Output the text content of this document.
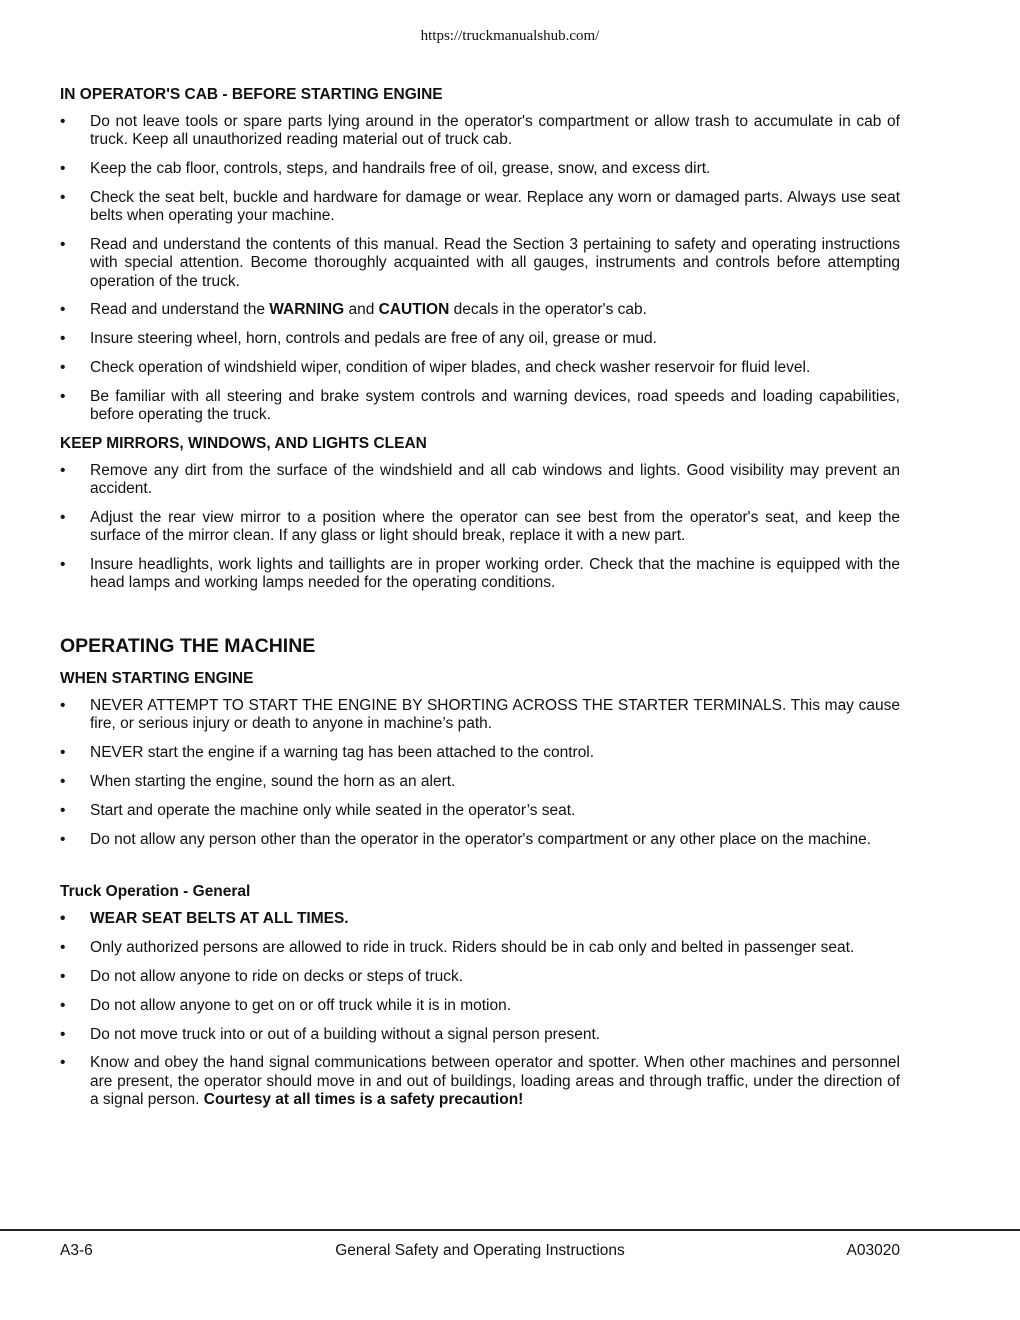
https://truckmanualshub.com/
IN OPERATOR'S CAB - BEFORE STARTING ENGINE
• Do not leave tools or spare parts lying around in the operator's compartment or allow trash to accumulate in cab of truck. Keep all unauthorized reading material out of truck cab.
• Keep the cab floor, controls, steps, and handrails free of oil, grease, snow, and excess dirt.
• Check the seat belt, buckle and hardware for damage or wear. Replace any worn or damaged parts. Always use seat belts when operating your machine.
• Read and understand the contents of this manual. Read the Section 3 pertaining to safety and operating instructions with special attention. Become thoroughly acquainted with all gauges, instruments and controls before attempting operation of the truck.
• Read and understand the WARNING and CAUTION decals in the operator's cab.
• Insure steering wheel, horn, controls and pedals are free of any oil, grease or mud.
• Check operation of windshield wiper, condition of wiper blades, and check washer reservoir for fluid level.
• Be familiar with all steering and brake system controls and warning devices, road speeds and loading capabilities, before operating the truck.
KEEP MIRRORS, WINDOWS, AND LIGHTS CLEAN
• Remove any dirt from the surface of the windshield and all cab windows and lights. Good visibility may prevent an accident.
• Adjust the rear view mirror to a position where the operator can see best from the operator's seat, and keep the surface of the mirror clean. If any glass or light should break, replace it with a new part.
• Insure headlights, work lights and taillights are in proper working order. Check that the machine is equipped with the head lamps and working lamps needed for the operating conditions.
OPERATING THE MACHINE
WHEN STARTING ENGINE
• NEVER ATTEMPT TO START THE ENGINE BY SHORTING ACROSS THE STARTER TERMINALS. This may cause fire, or serious injury or death to anyone in machine’s path.
• NEVER start the engine if a warning tag has been attached to the control.
• When starting the engine, sound the horn as an alert.
• Start and operate the machine only while seated in the operator’s seat.
• Do not allow any person other than the operator in the operator's compartment or any other place on the machine.
Truck Operation - General
• WEAR SEAT BELTS AT ALL TIMES.
• Only authorized persons are allowed to ride in truck. Riders should be in cab only and belted in passenger seat.
• Do not allow anyone to ride on decks or steps of truck.
• Do not allow anyone to get on or off truck while it is in motion.
• Do not move truck into or out of a building without a signal person present.
• Know and obey the hand signal communications between operator and spotter. When other machines and personnel are present, the operator should move in and out of buildings, loading areas and through traffic, under the direction of a signal person. Courtesy at all times is a safety precaution!
A3-6	General Safety and Operating Instructions	A03020
